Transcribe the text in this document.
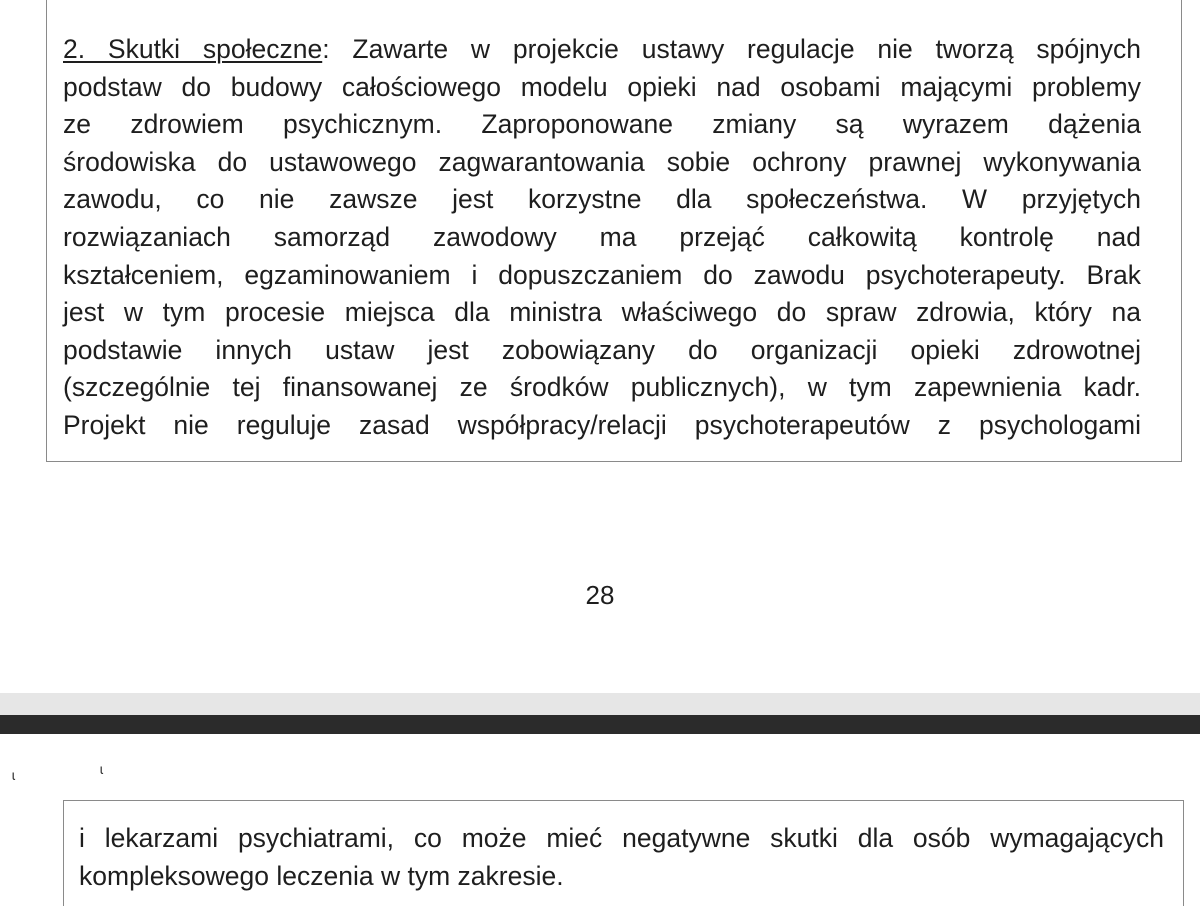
2. Skutki społeczne: Zawarte w projekcie ustawy regulacje nie tworzą spójnych
podstaw do budowy całościowego modelu opieki nad osobami mającymi problemy
ze zdrowiem psychicznym. Zaproponowane zmiany są wyrazem dążenia
środowiska do ustawowego zagwarantowania sobie ochrony prawnej wykonywania
zawodu, co nie zawsze jest korzystne dla społeczeństwa. W przyjętych
rozwiązaniach samorząd zawodowy ma przejąć całkowitą kontrolę nad
kształceniem, egzaminowaniem i dopuszczaniem do zawodu psychoterapeuty. Brak
jest w tym procesie miejsca dla ministra właściwego do spraw zdrowia, który na
podstawie innych ustaw jest zobowiązany do organizacji opieki zdrowotnej
(szczególnie tej finansowanej ze środków publicznych), w tym zapewnienia kadr.
Projekt nie reguluje zasad współpracy/relacji psychoterapeutów z psychologami
28
ɩ	ɩ
i lekarzami psychiatrami, co może mieć negatywne skutki dla osób wymagających
kompleksowego leczenia w tym zakresie.
